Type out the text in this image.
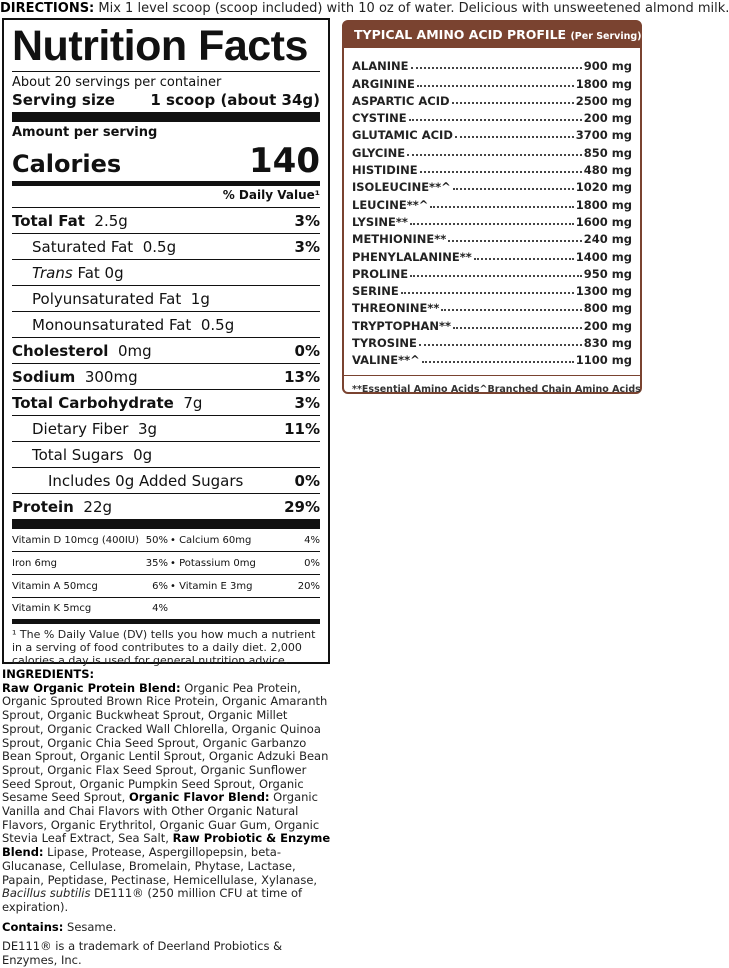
DIRECTIONS: Mix 1 level scoop (scoop included) with 10 oz of water. Delicious with unsweetened almond milk.
Nutrition Facts
About 20 servings per container
Serving size 1 scoop (about 34g)
Amount per serving
Calories	140
% Daily Value¹
Total Fat 2.5g	3%
Saturated Fat 0.5g	3%
Trans Fat 0g
Polyunsaturated Fat 1g
Monounsaturated Fat 0.5g
Cholesterol 0mg	0%
Sodium 300mg	13%
Total Carbohydrate 7g	3%
Dietary Fiber 3g	11%
Total Sugars 0g
Includes 0g Added Sugars	0%
Protein 22g	29%
Vitamin D 10mcg (400IU) 50% • Calcium 60mg	4%
Iron 6mg	35% • Potassium 0mg	0%
Vitamin A 50mcg	6% • Vitamin E 3mg	20%
Vitamin K 5mcg	4%
¹ The % Daily Value (DV) tells you how much a nutrient in a serving of food contributes to a daily diet. 2,000 calories a day is used for general nutrition advice.

INGREDIENTS:

Raw Organic Protein Blend: Organic Pea Protein, Organic Sprouted Brown Rice Protein, Organic Amaranth Sprout, Organic Buckwheat Sprout, Organic Millet Sprout, Organic Cracked Wall Chlorella, Organic Quinoa Sprout, Organic Chia Seed Sprout, Organic Garbanzo Bean Sprout, Organic Lentil Sprout, Organic Adzuki Bean Sprout, Organic Flax Seed Sprout, Organic Sunflower Seed Sprout, Organic Pumpkin Seed Sprout, Organic Sesame Seed Sprout, Organic Flavor Blend: Organic Vanilla and Chai Flavors with Other Organic Natural Flavors, Organic Erythritol, Organic Guar Gum, Organic Stevia Leaf Extract, Sea Salt, Raw Probiotic & Enzyme Blend: Lipase, Protease, Aspergillopepsin, beta-Glucanase, Cellulase, Bromelain, Phytase, Lactase, Papain, Peptidase, Pectinase, Hemicellulase, Xylanase, Bacillus subtilis DE111® (250 million CFU at time of expiration).

Contains: Sesame.

DE111® is a trademark of Deerland Probiotics & Enzymes, Inc.

TYPICAL AMINO ACID PROFILE (Per Serving)
ALANINE	900 mg
ARGININE	1800 mg
ASPARTIC ACID	2500 mg
CYSTINE	200 mg
GLUTAMIC ACID	3700 mg
GLYCINE	850 mg
HISTIDINE	480 mg
ISOLEUCINE**^	1020 mg
LEUCINE**^	1800 mg
LYSINE**	1600 mg
METHIONINE**	240 mg
PHENYLALANINE**	1400 mg
PROLINE	950 mg
SERINE	1300 mg
THREONINE**	800 mg
TRYPTOPHAN**	200 mg
TYROSINE	830 mg
VALINE**^	1100 mg
**Essential Amino Acids ^Branched Chain Amino Acids
